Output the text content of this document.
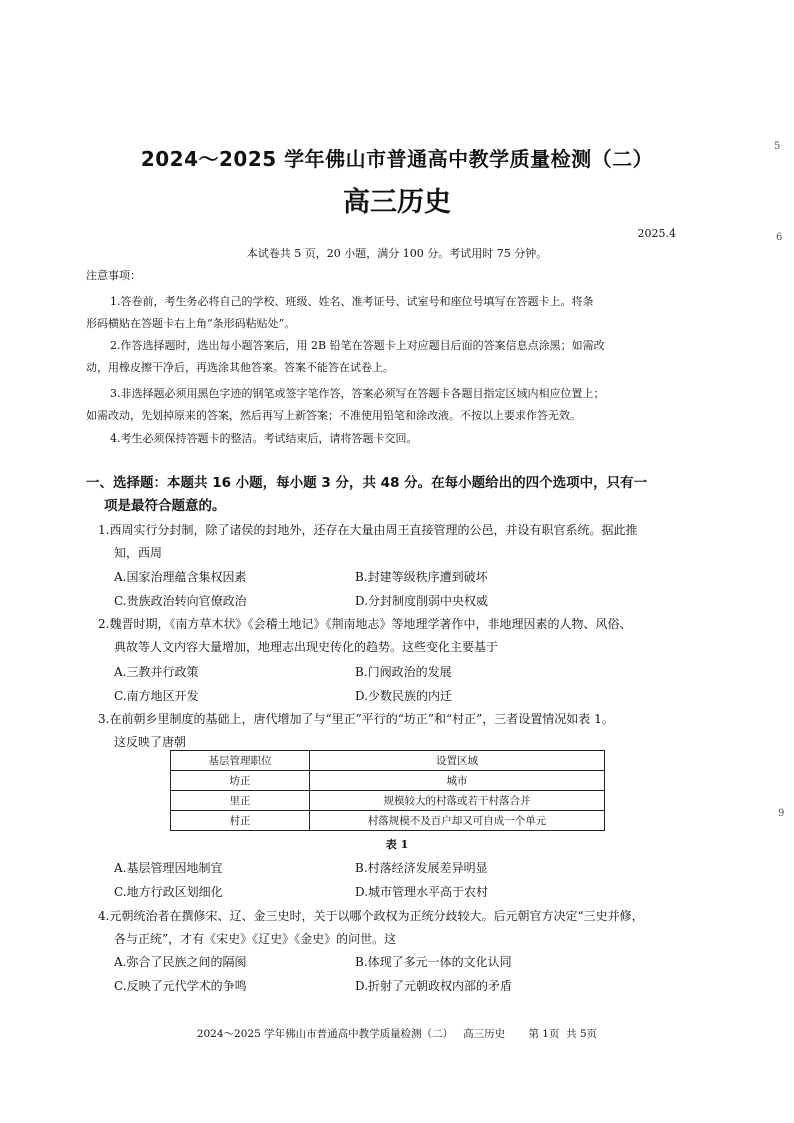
5
6
9
2024～2025 学年佛山市普通高中教学质量检测（二）
高三历史
2025.4
本试卷共 5 页，20 小题，满分 100 分。考试用时 75 分钟。
注意事项：
1.答卷前，考生务必将自己的学校、班级、姓名、准考证号、试室号和座位号填写在答题卡上。将条
形码横贴在答题卡右上角“条形码粘贴处”。
2.作答选择题时，选出每小题答案后，用 2B 铅笔在答题卡上对应题目后面的答案信息点涂黑；如需改
动，用橡皮擦干净后，再选涂其他答案。答案不能答在试卷上。
3.非选择题必须用黑色字迹的钢笔或签字笔作答，答案必须写在答题卡各题目指定区域内相应位置上；
如需改动，先划掉原来的答案，然后再写上新答案；不准使用铅笔和涂改液。不按以上要求作答无效。
4.考生必须保持答题卡的整洁。考试结束后，请将答题卡交回。
一、选择题：本题共 16 小题，每小题 3 分，共 48 分。在每小题给出的四个选项中，只有一
项是最符合题意的。
1.西周实行分封制，除了诸侯的封地外，还存在大量由周王直接管理的公邑，并设有职官系统。据此推
知，西周
A.国家治理蕴含集权因素	B.封建等级秩序遭到破坏
C.贵族政治转向官僚政治	D.分封制度削弱中央权威
2.魏晋时期，《南方草木状》《会稽土地记》《荆南地志》等地理学著作中，非地理因素的人物、风俗、
典故等人文内容大量增加，地理志出现史传化的趋势。这些变化主要基于
A.三教并行政策	B.门阀政治的发展
C.南方地区开发	D.少数民族的内迁
3.在前朝乡里制度的基础上，唐代增加了与“里正”平行的“坊正”和“村正”，三者设置情况如表 1。
这反映了唐朝
基层管理职位	设置区域
坊正	城市
里正	规模较大的村落或若干村落合并
村正	村落规模不及百户却又可自成一个单元
表 1
A.基层管理因地制宜	B.村落经济发展差异明显
C.地方行政区划细化	D.城市管理水平高于农村
4.元朝统治者在撰修宋、辽、金三史时，关于以哪个政权为正统分歧较大。后元朝官方决定“三史并修，
各与正统”，才有《宋史》《辽史》《金史》的问世。这
A.弥合了民族之间的隔阂	B.体现了多元一体的文化认同
C.反映了元代学术的争鸣	D.折射了元朝政权内部的矛盾
2024～2025 学年佛山市普通高中教学质量检测（二）   高三历史       第 1页  共 5页
